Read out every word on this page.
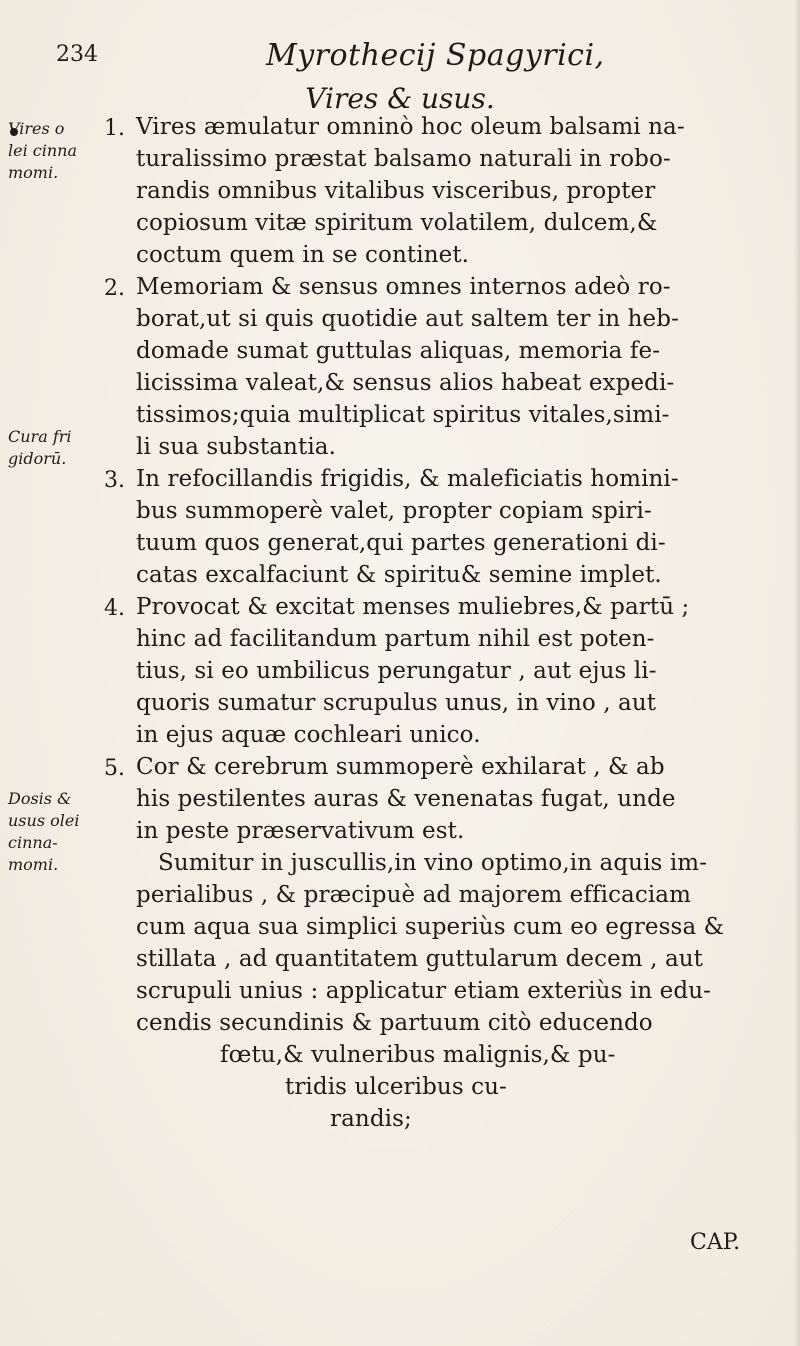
234	Myrothecij Spagyrici,
Vires & usus.
Vires o
lei cinna
momi.
Cura fri
gidorū.
Dosis &
usus olei
cinna-
momi.
1. Vires æmulatur omninò hoc oleum balsami na-
turalissimo præstat balsamo naturali in robo-
randis omnibus vitalibus visceribus, propter
copiosum vitæ spiritum volatilem, dulcem,&
coctum quem in se continet.
2. Memoriam & sensus omnes internos adeò ro-
borat,ut si quis quotidie aut saltem ter in heb-
domade sumat guttulas aliquas, memoria fe-
licissima valeat,& sensus alios habeat expedi-
tissimos;quia multiplicat spiritus vitales,simi-
li sua substantia.
3. In refocillandis frigidis, & maleficiatis homini-
bus summoperè valet, propter copiam spiri-
tuum quos generat,qui partes generationi di-
catas excalfaciunt & spiritu& semine implet.
4. Provocat & excitat menses muliebres,& partū ;
hinc ad facilitandum partum nihil est poten-
tius, si eo umbilicus perungatur , aut ejus li-
quoris sumatur scrupulus unus, in vino , aut
in ejus aquæ cochleari unico.
5. Cor & cerebrum summoperè exhilarat , & ab
his pestilentes auras & venenatas fugat, unde
in peste præservativum est.
Sumitur in juscullis,in vino optimo,in aquis im-
perialibus , & præcipuè ad majorem efficaciam
cum aqua sua simplici superiùs cum eo egressa &
stillata , ad quantitatem guttularum decem , aut
scrupuli unius : applicatur etiam exteriùs in edu-
cendis secundinis & partuum citò educendo
fœtu,& vulneribus malignis,& pu-
tridis ulceribus cu-
randis;
CAP.
